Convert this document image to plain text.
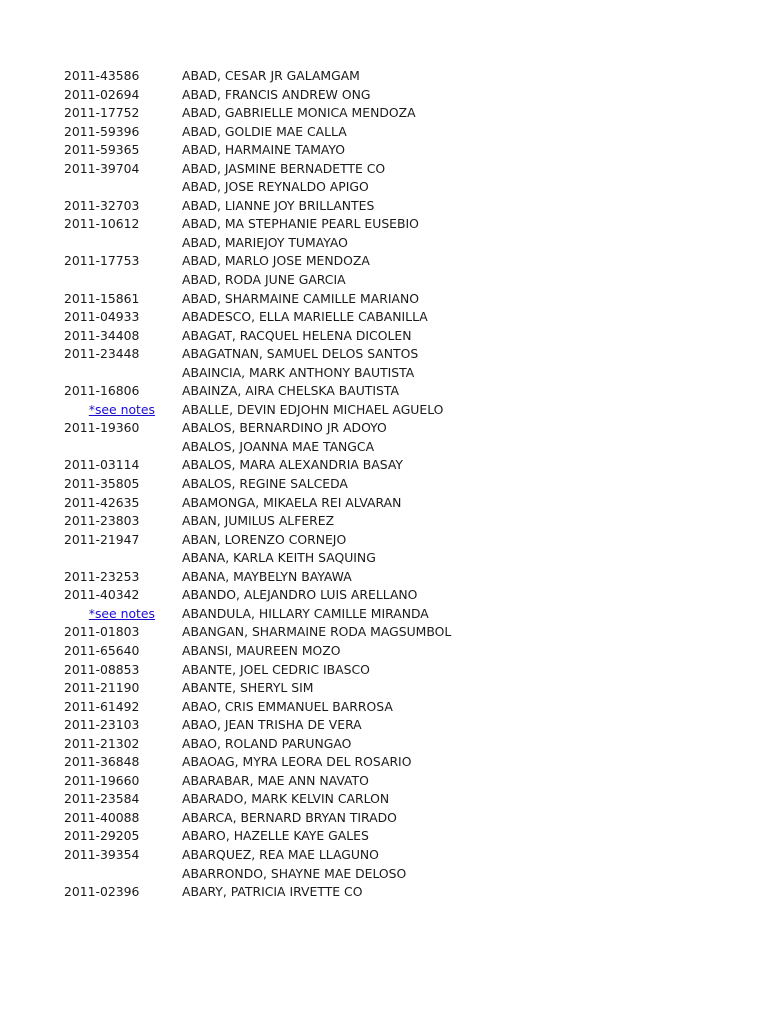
2011-43586	ABAD, CESAR JR GALAMGAM
2011-02694	ABAD, FRANCIS ANDREW ONG
2011-17752	ABAD, GABRIELLE MONICA MENDOZA
2011-59396	ABAD, GOLDIE MAE CALLA
2011-59365	ABAD, HARMAINE TAMAYO
2011-39704	ABAD, JASMINE BERNADETTE CO
ABAD, JOSE REYNALDO APIGO
2011-32703	ABAD, LIANNE JOY BRILLANTES
2011-10612	ABAD, MA STEPHANIE PEARL EUSEBIO
ABAD, MARIEJOY TUMAYAO
2011-17753	ABAD, MARLO JOSE MENDOZA
ABAD, RODA JUNE GARCIA
2011-15861	ABAD, SHARMAINE CAMILLE MARIANO
2011-04933	ABADESCO, ELLA MARIELLE CABANILLA
2011-34408	ABAGAT, RACQUEL HELENA DICOLEN
2011-23448	ABAGATNAN, SAMUEL DELOS SANTOS
ABAINCIA, MARK ANTHONY BAUTISTA
2011-16806	ABAINZA, AIRA CHELSKA BAUTISTA
*see notes	ABALLE, DEVIN EDJOHN MICHAEL AGUELO
2011-19360	ABALOS, BERNARDINO JR ADOYO
ABALOS, JOANNA MAE TANGCA
2011-03114	ABALOS, MARA ALEXANDRIA BASAY
2011-35805	ABALOS, REGINE SALCEDA
2011-42635	ABAMONGA, MIKAELA REI ALVARAN
2011-23803	ABAN, JUMILUS ALFEREZ
2011-21947	ABAN, LORENZO CORNEJO
ABANA, KARLA KEITH SAQUING
2011-23253	ABANA, MAYBELYN BAYAWA
2011-40342	ABANDO, ALEJANDRO LUIS ARELLANO
*see notes	ABANDULA, HILLARY CAMILLE MIRANDA
2011-01803	ABANGAN, SHARMAINE RODA MAGSUMBOL
2011-65640	ABANSI, MAUREEN MOZO
2011-08853	ABANTE, JOEL CEDRIC IBASCO
2011-21190	ABANTE, SHERYL SIM
2011-61492	ABAO, CRIS EMMANUEL BARROSA
2011-23103	ABAO, JEAN TRISHA DE VERA
2011-21302	ABAO, ROLAND PARUNGAO
2011-36848	ABAOAG, MYRA LEORA DEL ROSARIO
2011-19660	ABARABAR, MAE ANN NAVATO
2011-23584	ABARADO, MARK KELVIN CARLON
2011-40088	ABARCA, BERNARD BRYAN TIRADO
2011-29205	ABARO, HAZELLE KAYE GALES
2011-39354	ABARQUEZ, REA MAE LLAGUNO
ABARRONDO, SHAYNE MAE DELOSO
2011-02396	ABARY, PATRICIA IRVETTE CO
